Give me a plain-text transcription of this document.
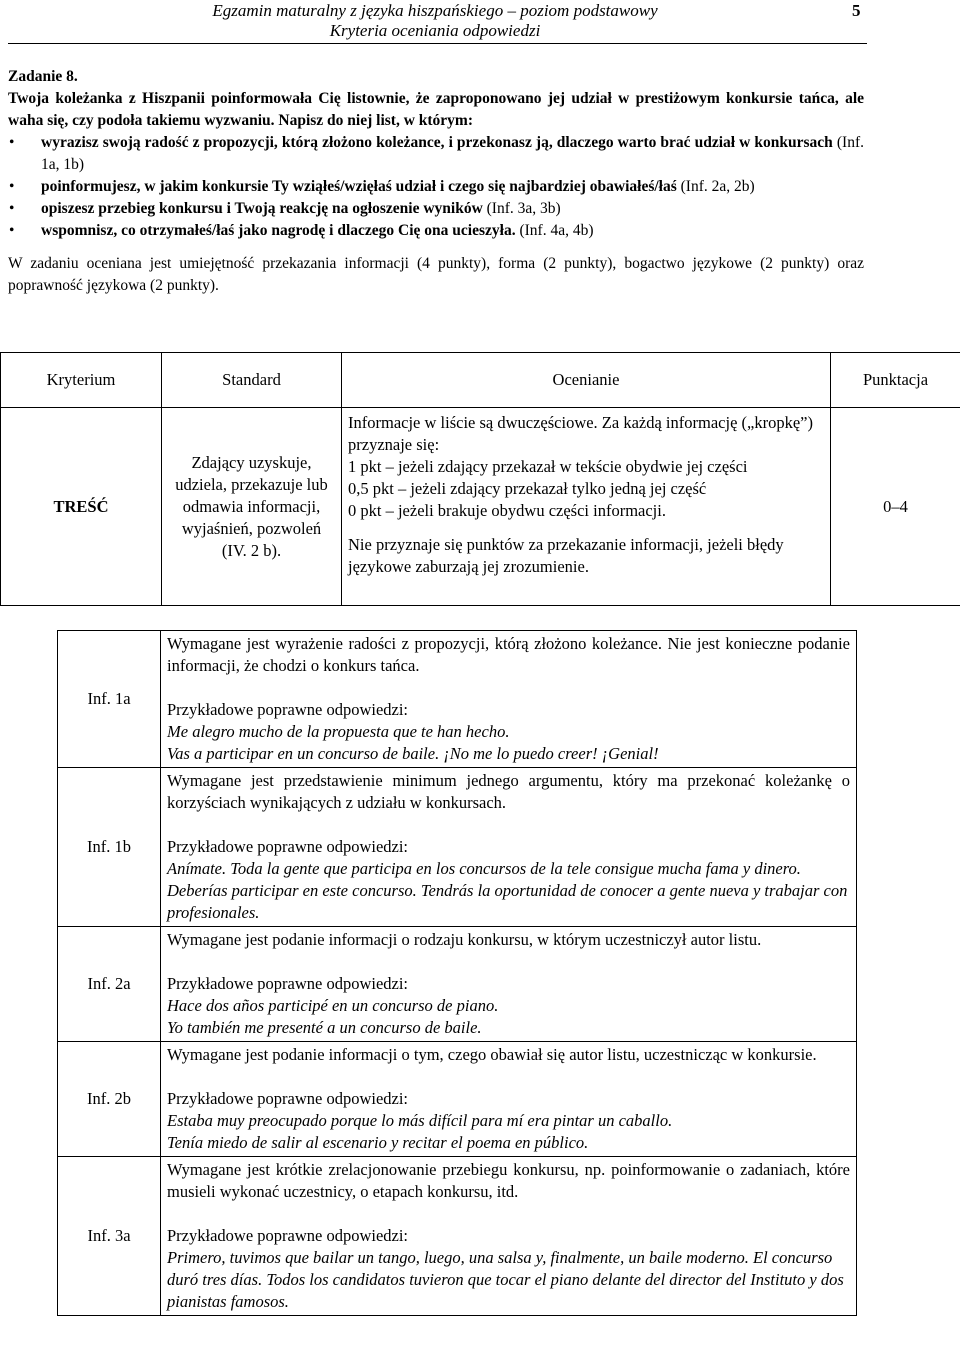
Egzamin maturalny z języka hiszpańskiego – poziom podstawowy
Kryteria oceniania odpowiedzi
5

Zadanie 8.

Twoja koleżanka z Hiszpanii poinformowała Cię listownie, że zaproponowano jej udział w prestiżowym konkursie tańca, ale waha się, czy podoła takiemu wyzwaniu. Napisz do niej list, w którym:

• wyrazisz swoją radość z propozycji, którą złożono koleżance, i przekonasz ją, dlaczego warto brać udział w konkursach (Inf. 1a, 1b)
• poinformujesz, w jakim konkursie Ty wziąłeś/wzięłaś udział i czego się najbardziej obawiałeś/łaś (Inf. 2a, 2b)
• opiszesz przebieg konkursu i Twoją reakcję na ogłoszenie wyników (Inf. 3a, 3b)
• wspomnisz, co otrzymałeś/łaś jako nagrodę i dlaczego Cię ona ucieszyła. (Inf. 4a, 4b)

W zadaniu oceniana jest umiejętność przekazania informacji (4 punkty), forma (2 punkty), bogactwo językowe (2 punkty) oraz poprawność językowa (2 punkty).

Kryterium	Standard	Ocenianie	Punktacja
TREŚĆ	Zdający uzyskuje, udziela, przekazuje lub odmawia informacji, wyjaśnień, pozwoleń (IV. 2 b).	Informacje w liście są dwuczęściowe. Za każdą informację („kropkę”) przyznaje się:
1 pkt – jeżeli zdający przekazał w tekście obydwie jej części
0,5 pkt – jeżeli zdający przekazał tylko jedną jej część
0 pkt – jeżeli brakuje obydwu części informacji.
Nie przyznaje się punktów za przekazanie informacji, jeżeli błędy językowe zaburzają jej zrozumienie.	0–4
Inf. 1a	Wymagane jest wyrażenie radości z propozycji, którą złożono koleżance. Nie jest konieczne podanie informacji, że chodzi o konkurs tańca.
Przykładowe poprawne odpowiedzi:
Me alegro mucho de la propuesta que te han hecho.
Vas a participar en un concurso de baile. ¡No me lo puedo creer! ¡Genial!

Inf. 1b	Wymagane jest przedstawienie minimum jednego argumentu, który ma przekonać koleżankę o korzyściach wynikających z udziału w konkursach.
Przykładowe poprawne odpowiedzi:
Anímate. Toda la gente que participa en los concursos de la tele consigue mucha fama y dinero.
Deberías participar en este concurso. Tendrás la oportunidad de conocer a gente nueva y trabajar con profesionales.

Inf. 2a	Wymagane jest podanie informacji o rodzaju konkursu, w którym uczestniczył autor listu.
Przykładowe poprawne odpowiedzi:
Hace dos años participé en un concurso de piano.
Yo también me presenté a un concurso de baile.

Inf. 2b	Wymagane jest podanie informacji o tym, czego obawiał się autor listu, uczestnicząc w konkursie.
Przykładowe poprawne odpowiedzi:
Estaba muy preocupado porque lo más difícil para mí era pintar un caballo.
Tenía miedo de salir al escenario y recitar el poema en público.

Inf. 3a	Wymagane jest krótkie zrelacjonowanie przebiegu konkursu, np. poinformowanie o zadaniach, które musieli wykonać uczestnicy, o etapach konkursu, itd.
Przykładowe poprawne odpowiedzi:
Primero, tuvimos que bailar un tango, luego, una salsa y, finalmente, un baile moderno. El concurso duró tres días. Todos los candidatos tuvieron que tocar el piano delante del director del Instituto y dos pianistas famosos.
